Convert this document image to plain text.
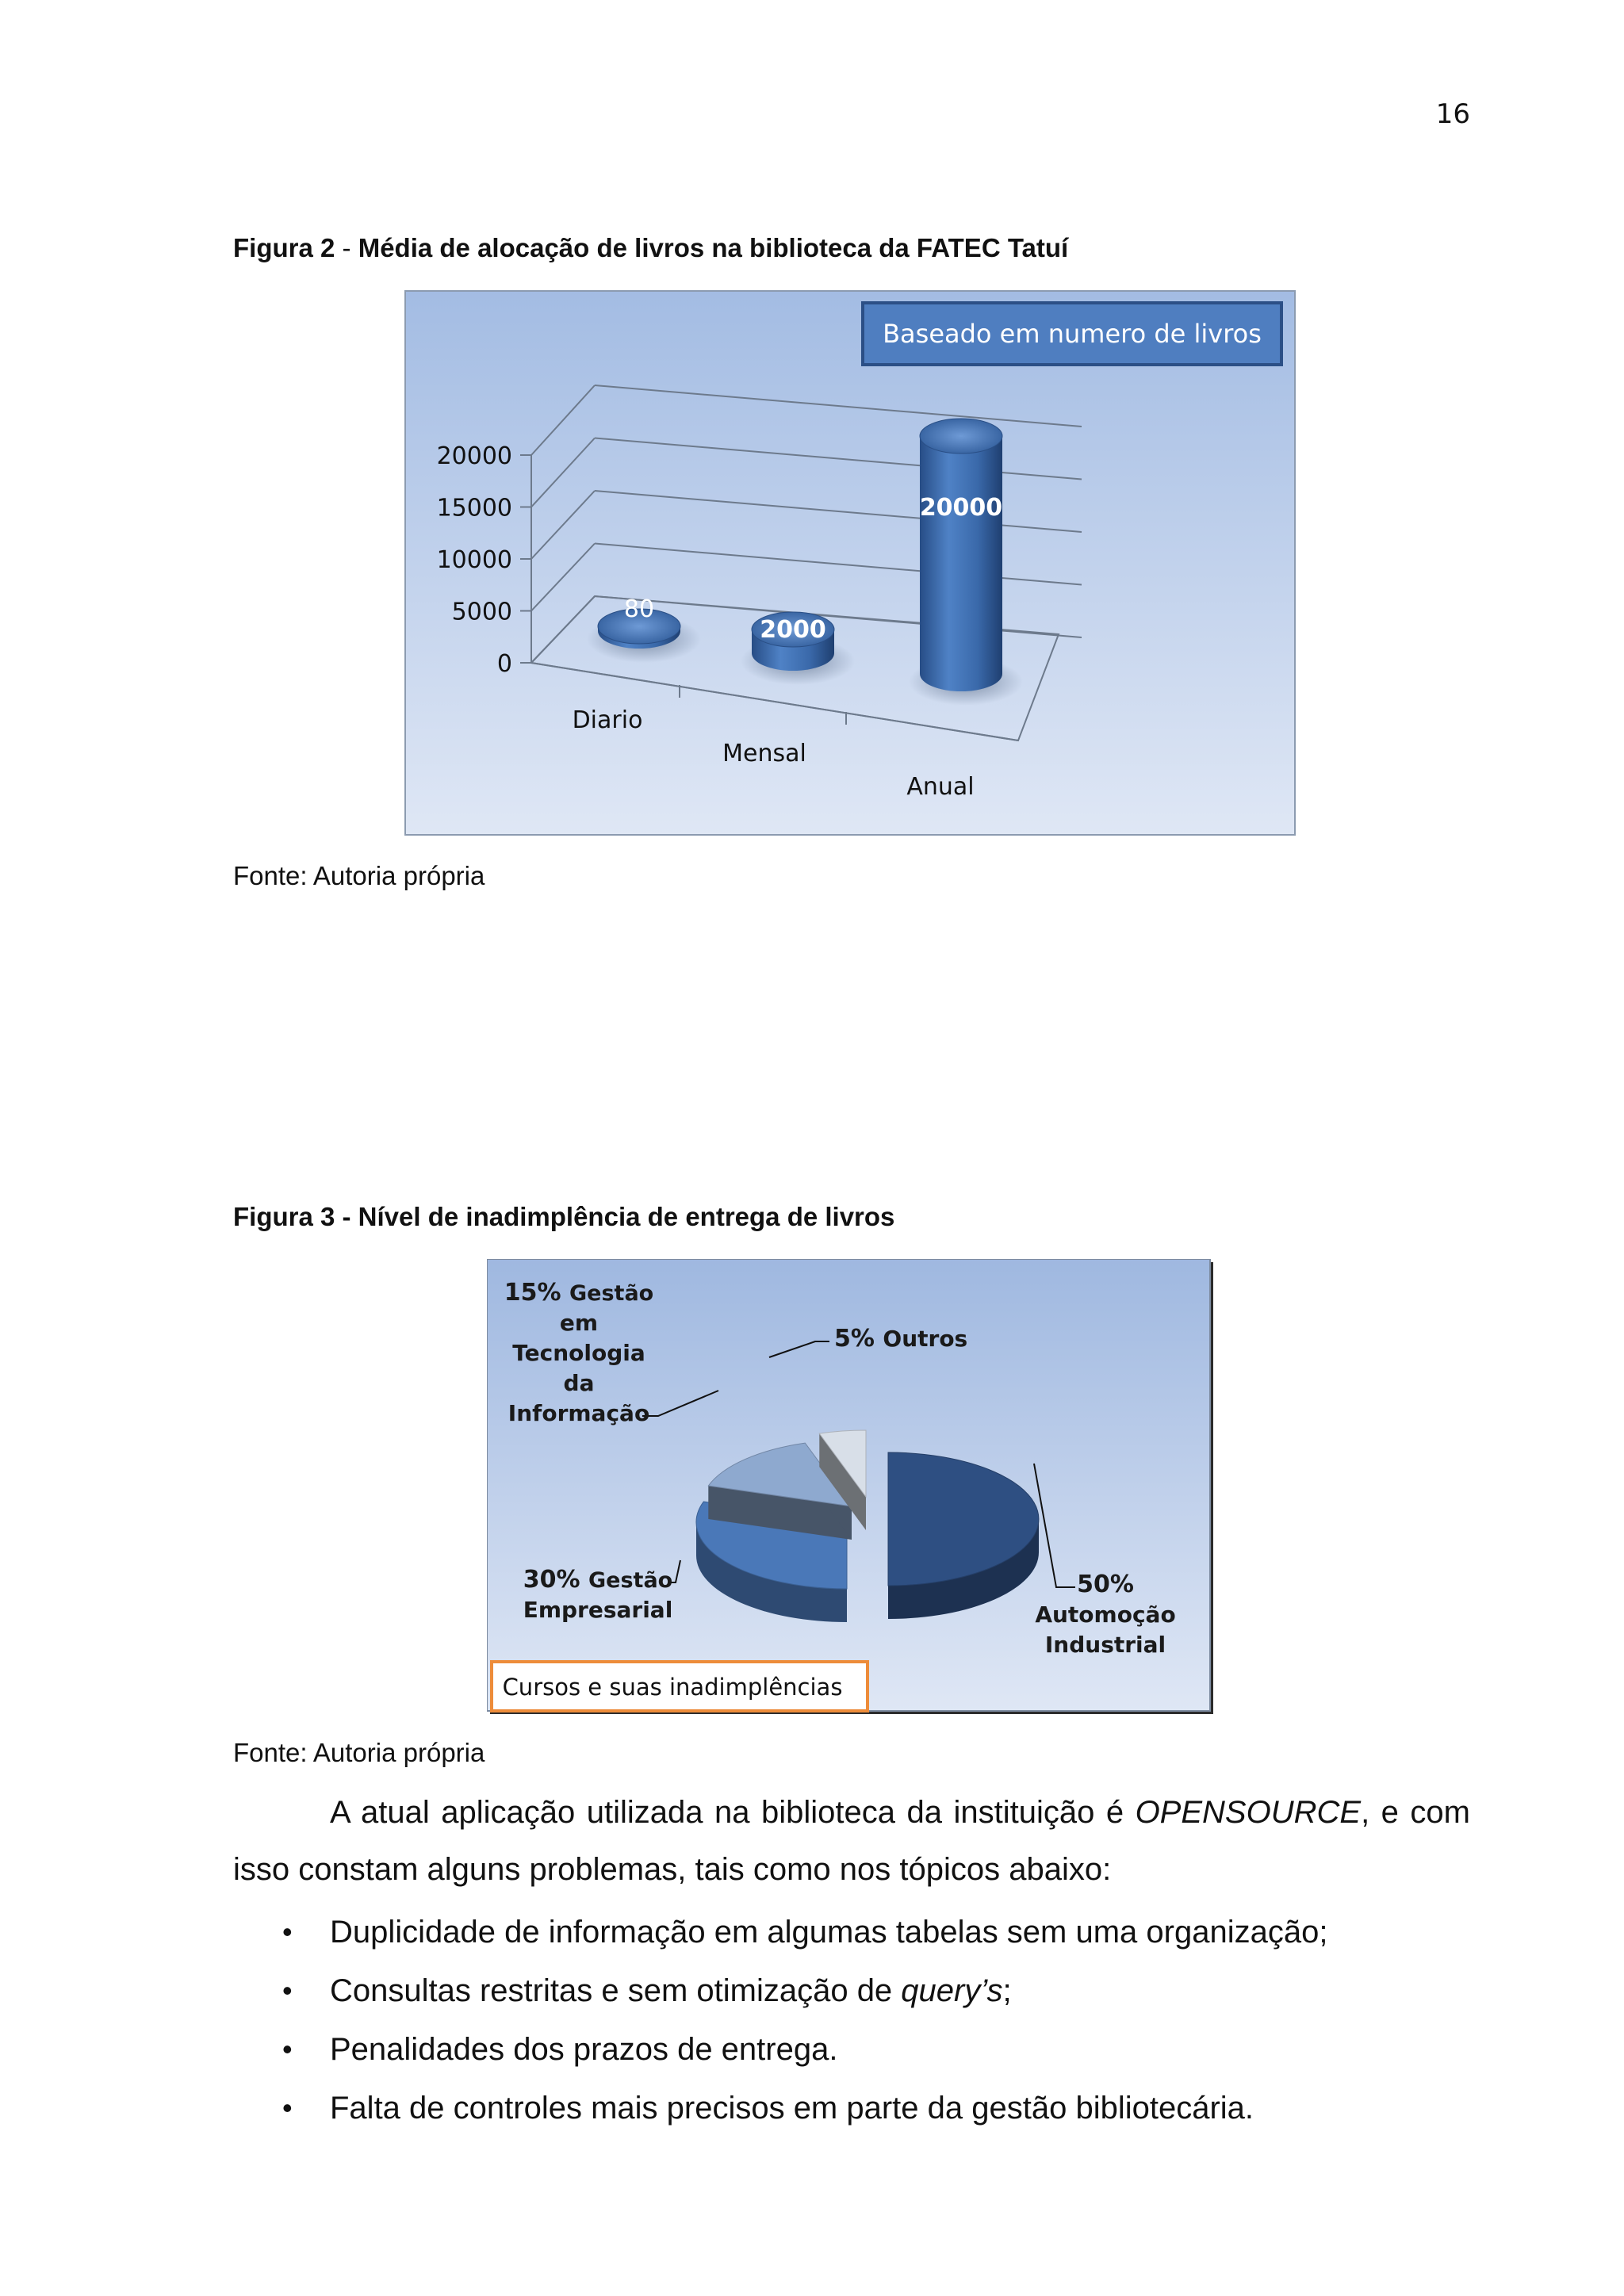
16

Figura 2 - Média de alocação de livros na biblioteca da FATEC Tatuí

0
5000
10000
15000
20000
Diario
Mensal
Anual
80
2000
20000
Baseado em numero de livros
Fonte: Autoria própria

Figura 3 - Nível de inadimplência de entrega de livros

50% Automoção Industrial
30% Gestão Empresarial
15% Gestão em Tecnologia da Informação
5% Outros
Cursos e suas inadimplências
Fonte: Autoria própria

A atual aplicação utilizada na biblioteca da instituição é OPENSOURCE, e com isso constam alguns problemas, tais como nos tópicos abaixo:

• Duplicidade de informação em algumas tabelas sem uma organização;
• Consultas restritas e sem otimização de query’s;
• Penalidades dos prazos de entrega.
• Falta de controles mais precisos em parte da gestão bibliotecária.
